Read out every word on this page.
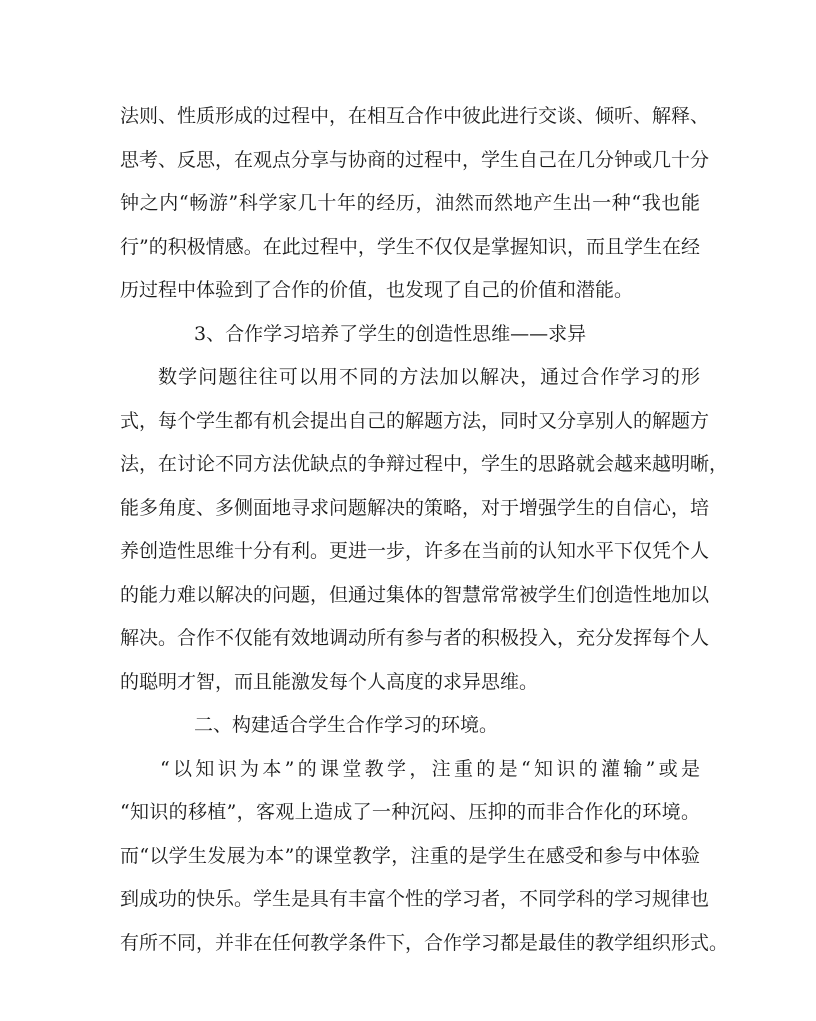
法则、性质形成的过程中，在相互合作中彼此进行交谈、倾听、解释、
思考、反思，在观点分享与协商的过程中，学生自己在几分钟或几十分
钟之内“畅游”科学家几十年的经历，油然而然地产生出一种“我也能
行”的积极情感。在此过程中，学生不仅仅是掌握知识，而且学生在经
历过程中体验到了合作的价值，也发现了自己的价值和潜能。
3、合作学习培养了学生的创造性思维——求异
数学问题往往可以用不同的方法加以解决，通过合作学习的形
式，每个学生都有机会提出自己的解题方法，同时又分享别人的解题方
法，在讨论不同方法优缺点的争辩过程中，学生的思路就会越来越明晰，
能多角度、多侧面地寻求问题解决的策略，对于增强学生的自信心，培
养创造性思维十分有利。更进一步，许多在当前的认知水平下仅凭个人
的能力难以解决的问题，但通过集体的智慧常常被学生们创造性地加以
解决。合作不仅能有效地调动所有参与者的积极投入，充分发挥每个人
的聪明才智，而且能激发每个人高度的求异思维。
二、构建适合学生合作学习的环境。
“以知识为本”的课堂教学，注重的是“知识的灌输”或是
“知识的移植”，客观上造成了一种沉闷、压抑的而非合作化的环境。
而“以学生发展为本”的课堂教学，注重的是学生在感受和参与中体验
到成功的快乐。学生是具有丰富个性的学习者，不同学科的学习规律也
有所不同，并非在任何教学条件下，合作学习都是最佳的教学组织形式。
